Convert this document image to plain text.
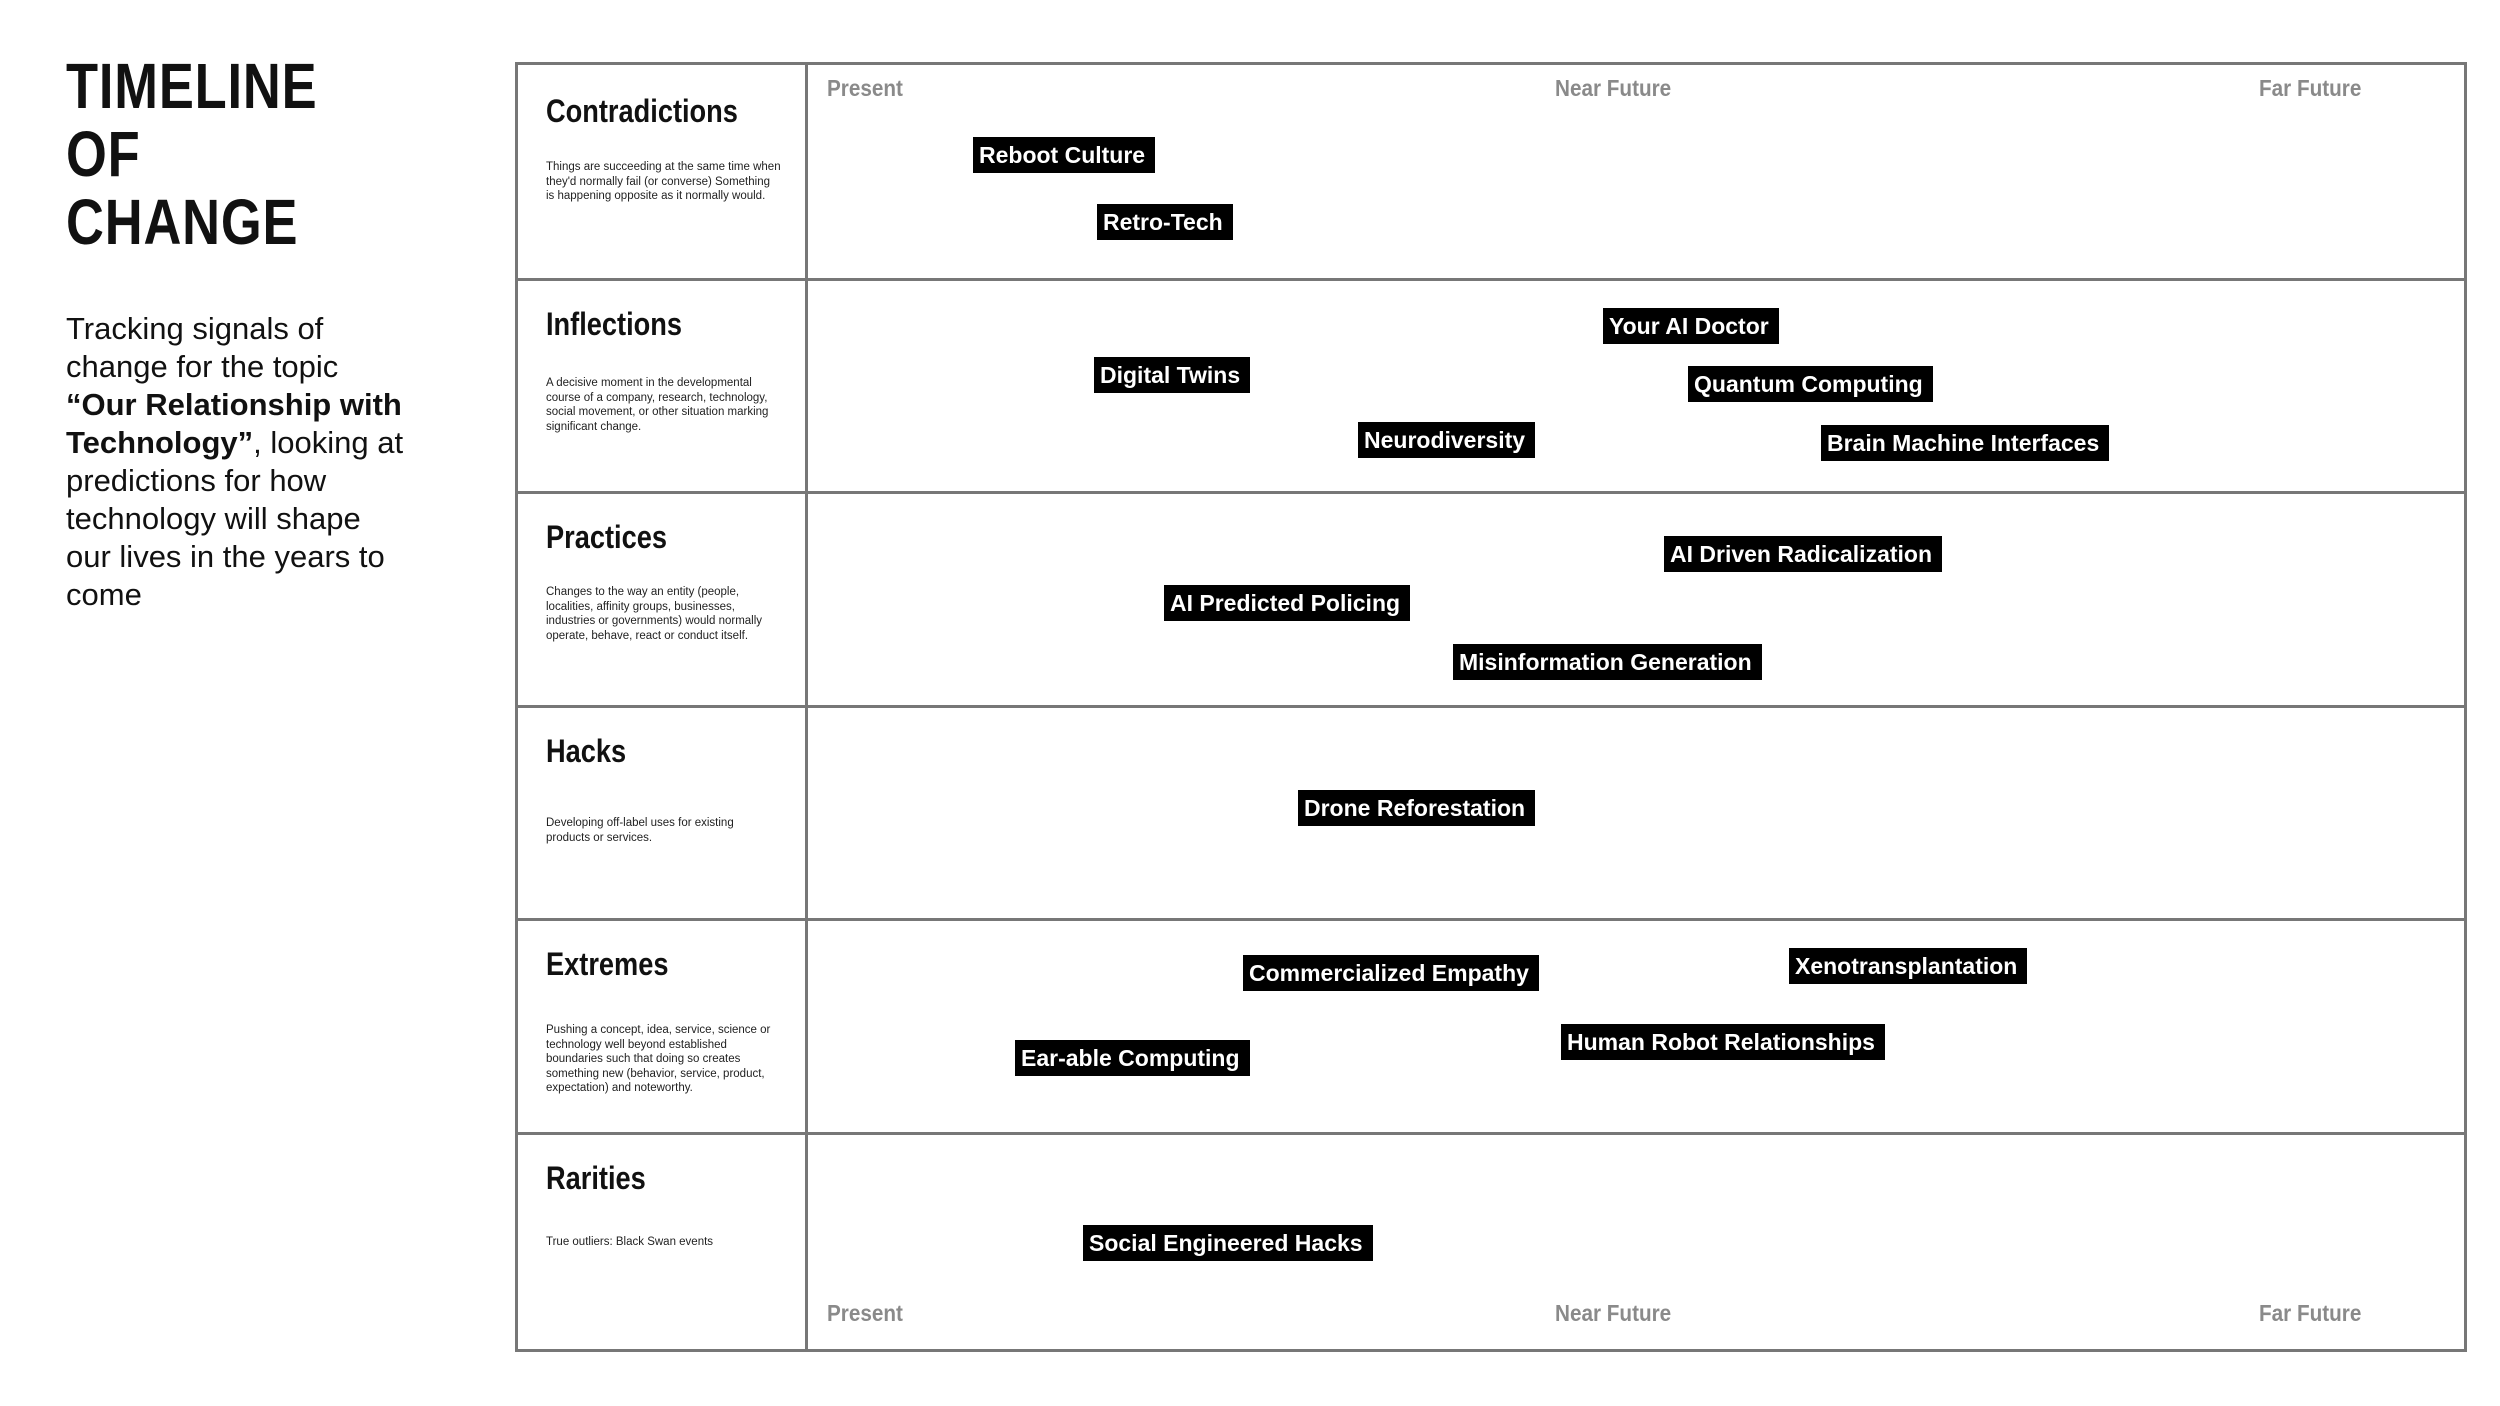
TIMELINE OF
CHANGE
Tracking signals of change for the topic “Our Relationship with Technology”, looking at predictions for how technology will shape our lives in the years to come
Contradictions
Things are succeeding at the same time when they'd normally fail (or converse) Something is happening opposite as it normally would.
Present	Near Future	Far Future
Reboot Culture
Retro-Tech
Inflections
A decisive moment in the developmental course of a company, research, technology, social movement, or other situation marking significant change.
Your AI Doctor
Digital Twins	Quantum Computing
Neurodiversity	Brain Machine Interfaces
Practices
Changes to the way an entity (people, localities, affinity groups, businesses, industries or governments) would normally operate, behave, react or conduct itself.
AI Driven Radicalization
AI Predicted Policing
Misinformation Generation
Hacks
Developing off-label uses for existing products or services.
Drone Reforestation
Extremes
Pushing a concept, idea, service, science or technology well beyond established boundaries such that doing so creates something new (behavior, service, product, expectation) and noteworthy.
Xenotransplantation
Commercialized Empathy
Human Robot Relationships
Ear-able Computing
Rarities
True outliers: Black Swan events	Social Engineered Hacks
Present	Near Future	Far Future
